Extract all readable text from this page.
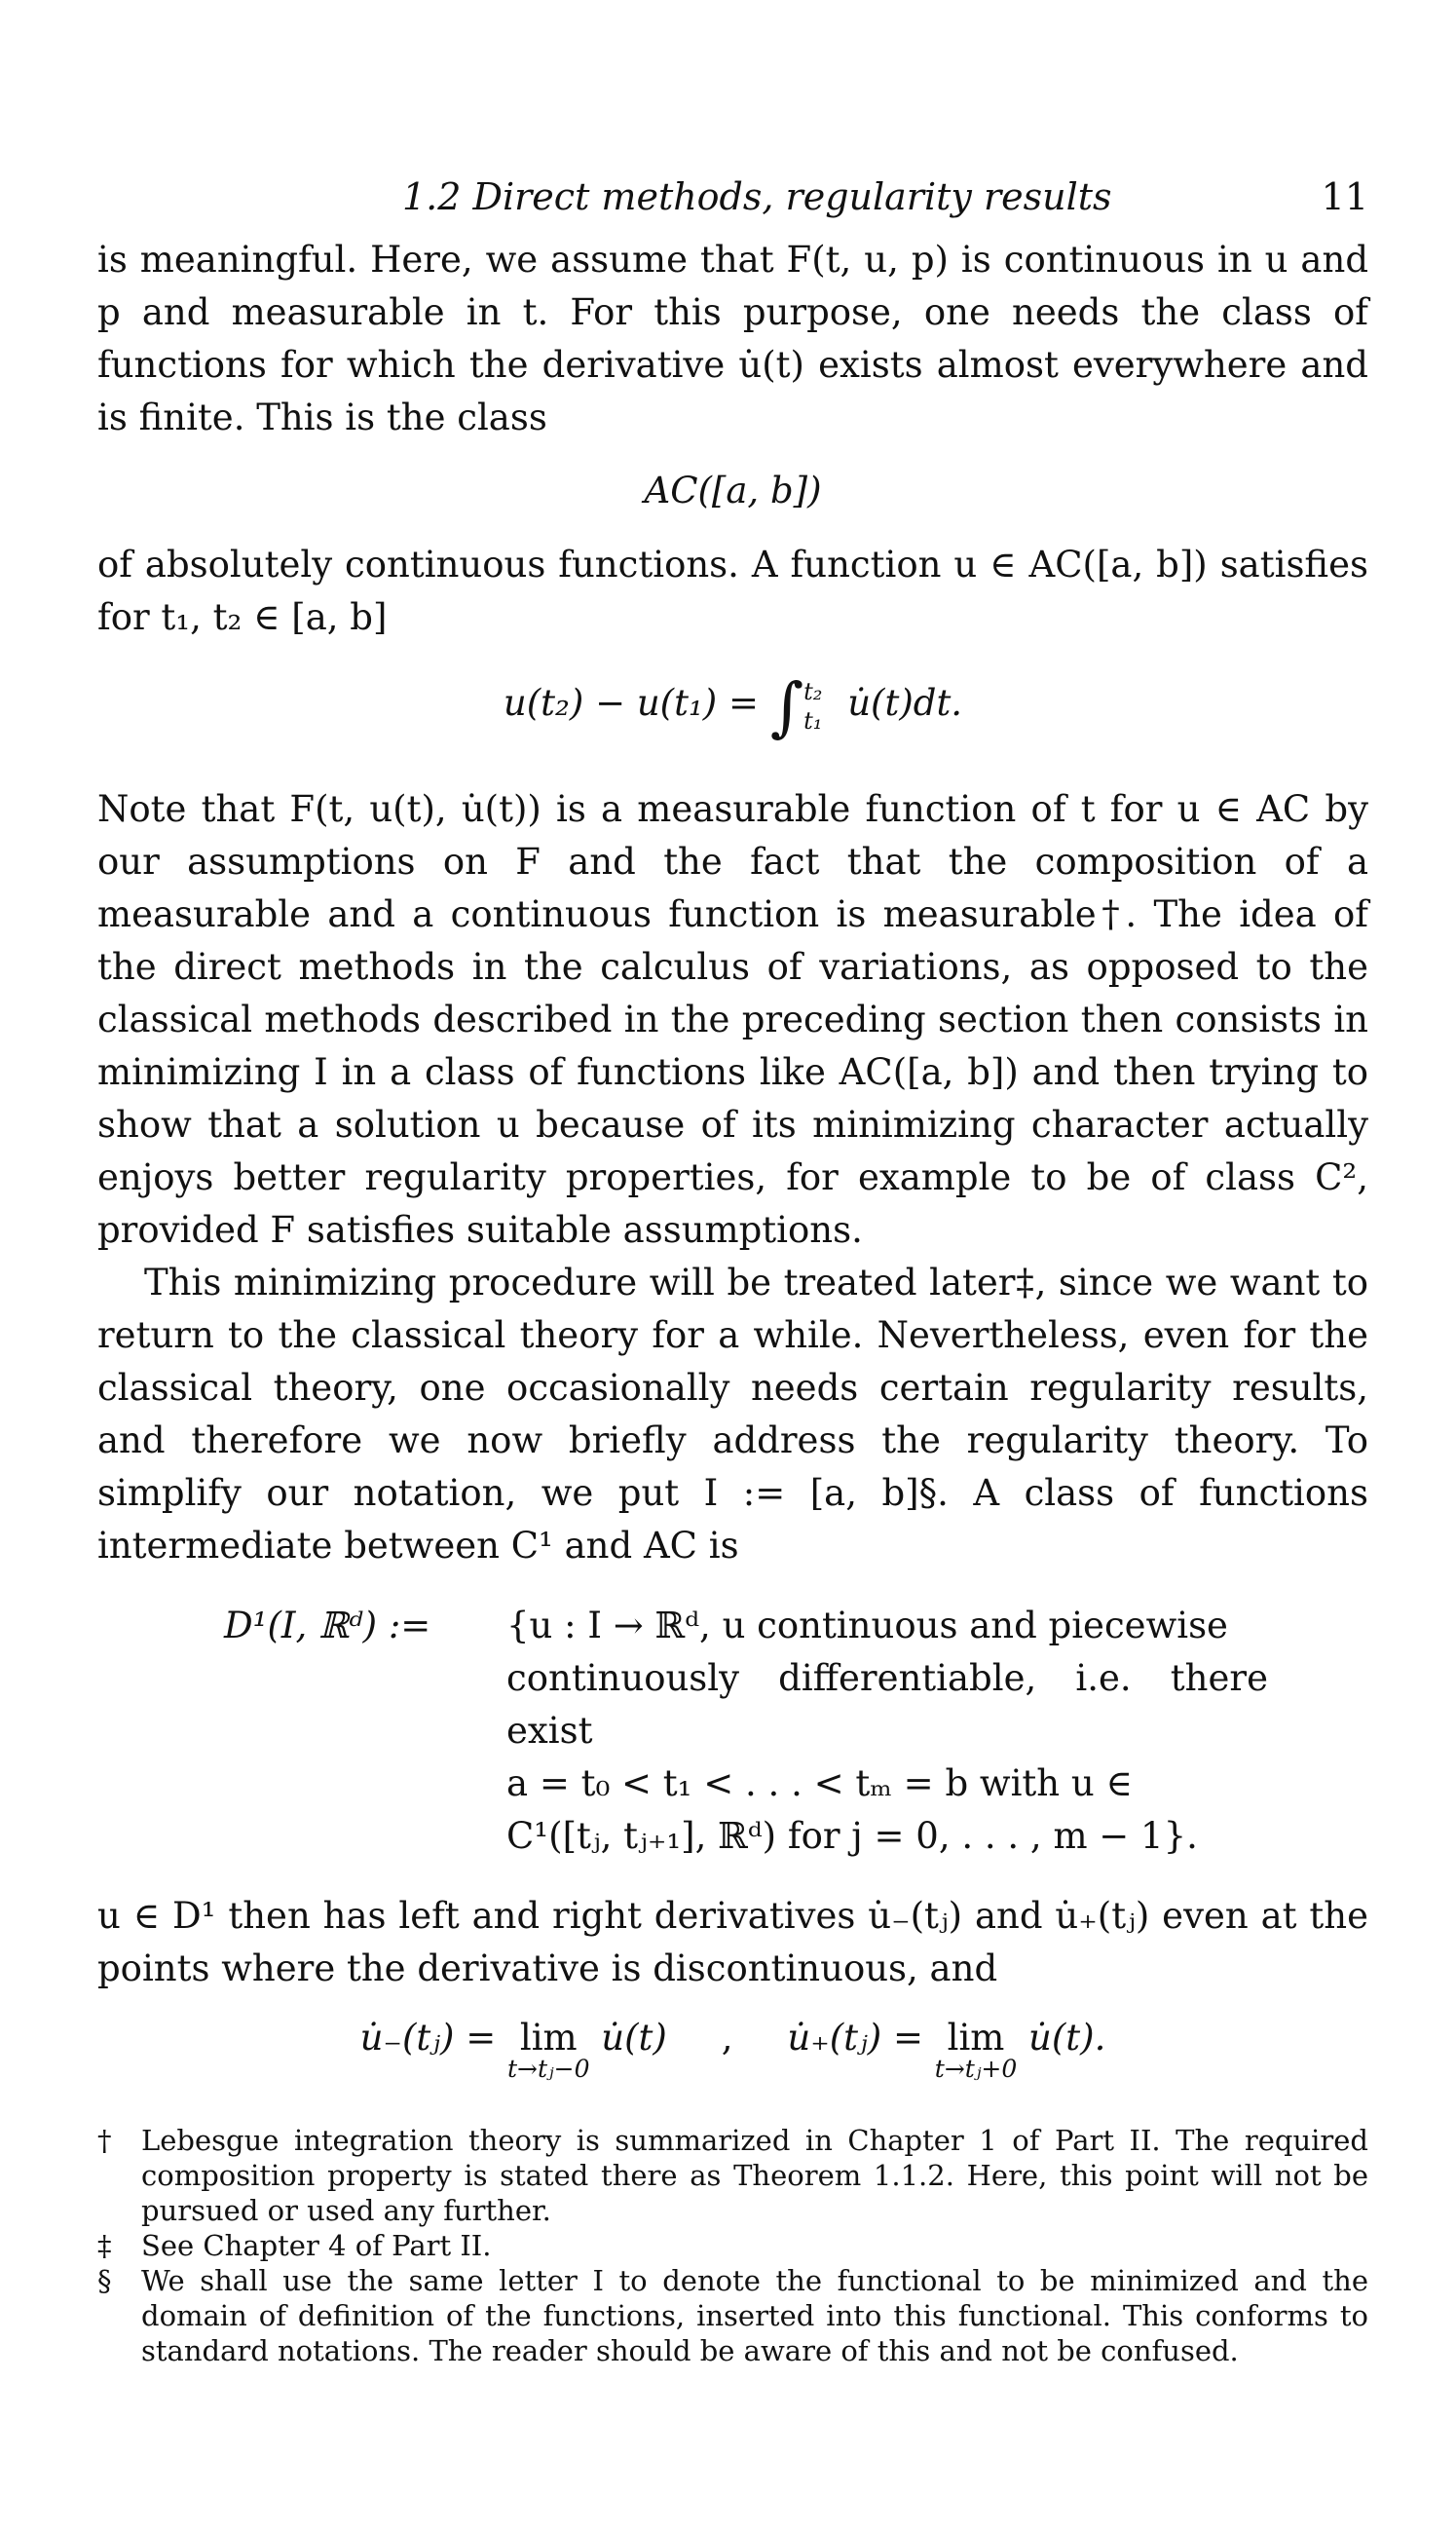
1.2 Direct methods, regularity results	11

is meaningful. Here, we assume that F(t, u, p) is continuous in u and p and measurable in t. For this purpose, one needs the class of functions for which the derivative u̇(t) exists almost everywhere and is finite. This is the class

AC([a, b])

of absolutely continuous functions. A function u ∈ AC([a, b]) satisfies for t₁, t₂ ∈ [a, b]

u(t₂) − u(t₁) = ∫ t₂
t₁ u̇(t)dt.

Note that F(t, u(t), u̇(t)) is a measurable function of t for u ∈ AC by our assumptions on F and the fact that the composition of a measurable and a continuous function is measurable†. The idea of the direct methods in the calculus of variations, as opposed to the classical methods described in the preceding section then consists in minimizing I in a class of functions like AC([a, b]) and then trying to show that a solution u because of its minimizing character actually enjoys better regularity properties, for example to be of class C², provided F satisfies suitable assumptions.

This minimizing procedure will be treated later‡, since we want to return to the classical theory for a while. Nevertheless, even for the classical theory, one occasionally needs certain regularity results, and therefore we now briefly address the regularity theory. To simplify our notation, we put I := [a, b]§. A class of functions intermediate between C¹ and AC is

D¹(I, ℝᵈ) := {u : I → ℝᵈ, u continuous and piecewise
continuously differentiable, i.e. there exist
a = t₀ < t₁ < . . . < tₘ = b with u ∈
C¹([tⱼ, tⱼ₊₁], ℝᵈ) for j = 0, . . . , m − 1}.

u ∈ D¹ then has left and right derivatives u̇₋(tⱼ) and u̇₊(tⱼ) even at the points where the derivative is discontinuous, and

u̇₋(tⱼ) = lim
t→tⱼ−0
u̇(t) , u̇₊(tⱼ) = lim
t→tⱼ+0
u̇(t).

† Lebesgue integration theory is summarized in Chapter 1 of Part II. The required composition property is stated there as Theorem 1.1.2. Here, this point will not be pursued or used any further.

‡ See Chapter 4 of Part II.

§ We shall use the same letter I to denote the functional to be minimized and the domain of definition of the functions, inserted into this functional. This conforms to standard notations. The reader should be aware of this and not be confused.
